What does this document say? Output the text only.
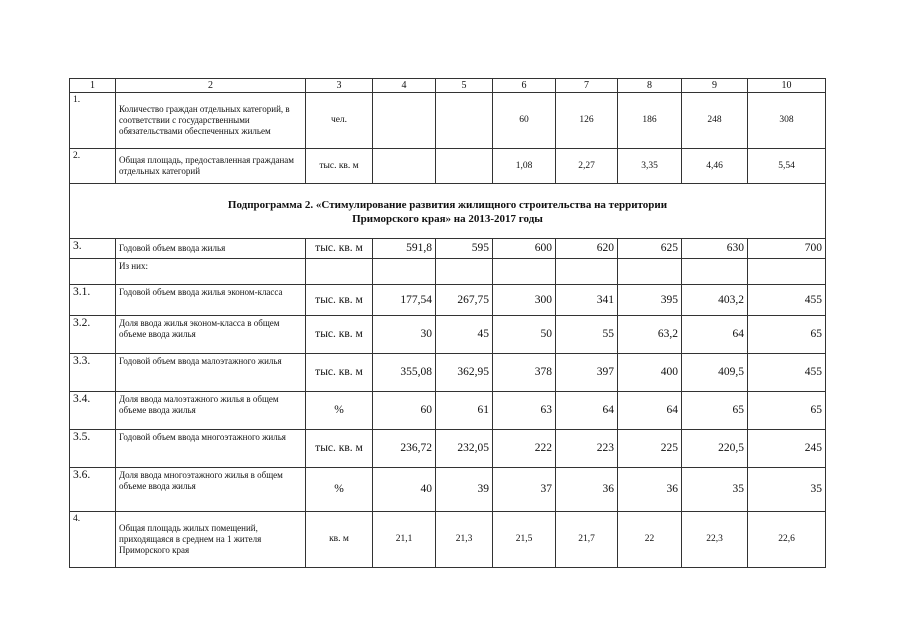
1	2	3	4	5	6	7	8	9	10
1.	Количество граждан отдельных категорий, в соответствии с государственными обязательствами обеспеченных жильем	чел.			60	126	186	248	308
2.	Общая площадь, предоставленная гражданам отдельных категорий	тыс. кв. м			1,08	2,27	3,35	4,46	5,54
Подпрограмма 2. «Стимулирование развития жилищного строительства на территории Приморского края» на 2013-2017 годы									
3.	Годовой объем ввода жилья	тыс. кв. м	591,8	595	600	620	625	630	700
	Из них:								
3.1.	Годовой объем ввода жилья эконом-класса	тыс. кв. м	177,54	267,75	300	341	395	403,2	455
3.2.	Доля ввода жилья эконом-класса в общем объеме ввода жилья	тыс. кв. м	30	45	50	55	63,2	64	65
3.3.	Годовой объем ввода малоэтажного жилья	тыс. кв. м	355,08	362,95	378	397	400	409,5	455
3.4.	Доля ввода малоэтажного жилья в общем объеме ввода жилья	%	60	61	63	64	64	65	65
3.5.	Годовой объем ввода многоэтажного жилья	тыс. кв. м	236,72	232,05	222	223	225	220,5	245
3.6.	Доля ввода многоэтажного жилья в общем объеме ввода жилья	%	40	39	37	36	36	35	35
4.	Общая площадь жилых помещений, приходящаяся в среднем на 1 жителя Приморского края	кв. м	21,1	21,3	21,5	21,7	22	22,3	22,6
